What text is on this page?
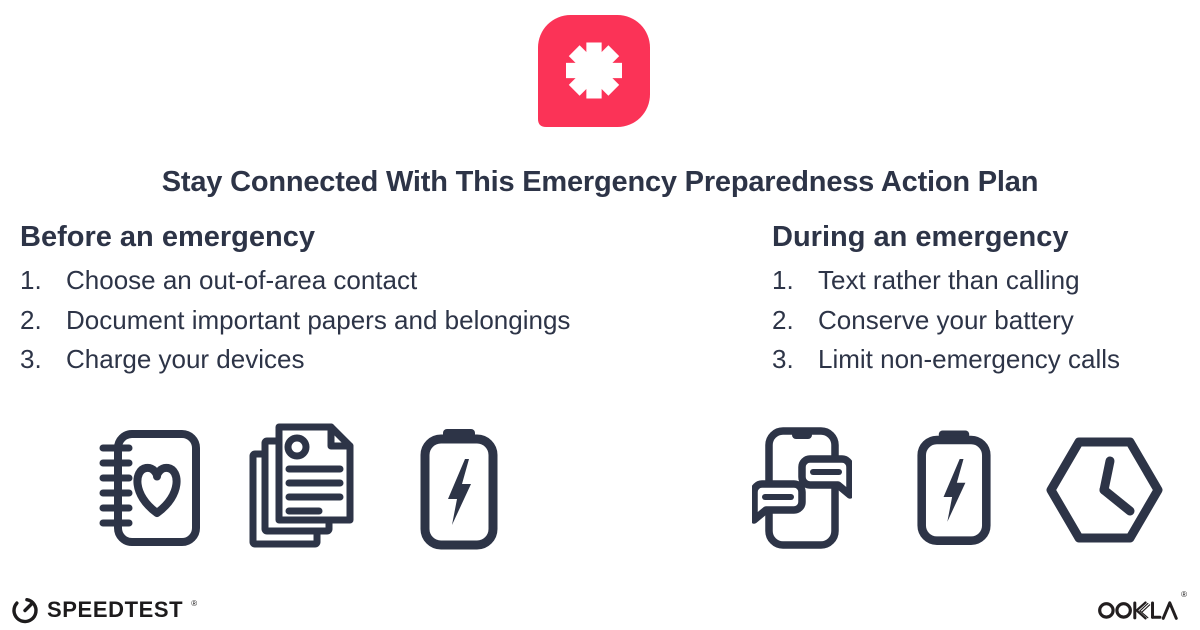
Stay Connected With This Emergency Preparedness Action Plan
Before an emergency
1. Choose an out-of-area contact
2. Document important papers and belongings
3. Charge your devices
During an emergency
1. Text rather than calling
2. Conserve your battery
3. Limit non-emergency calls
SPEEDTEST ®
®
